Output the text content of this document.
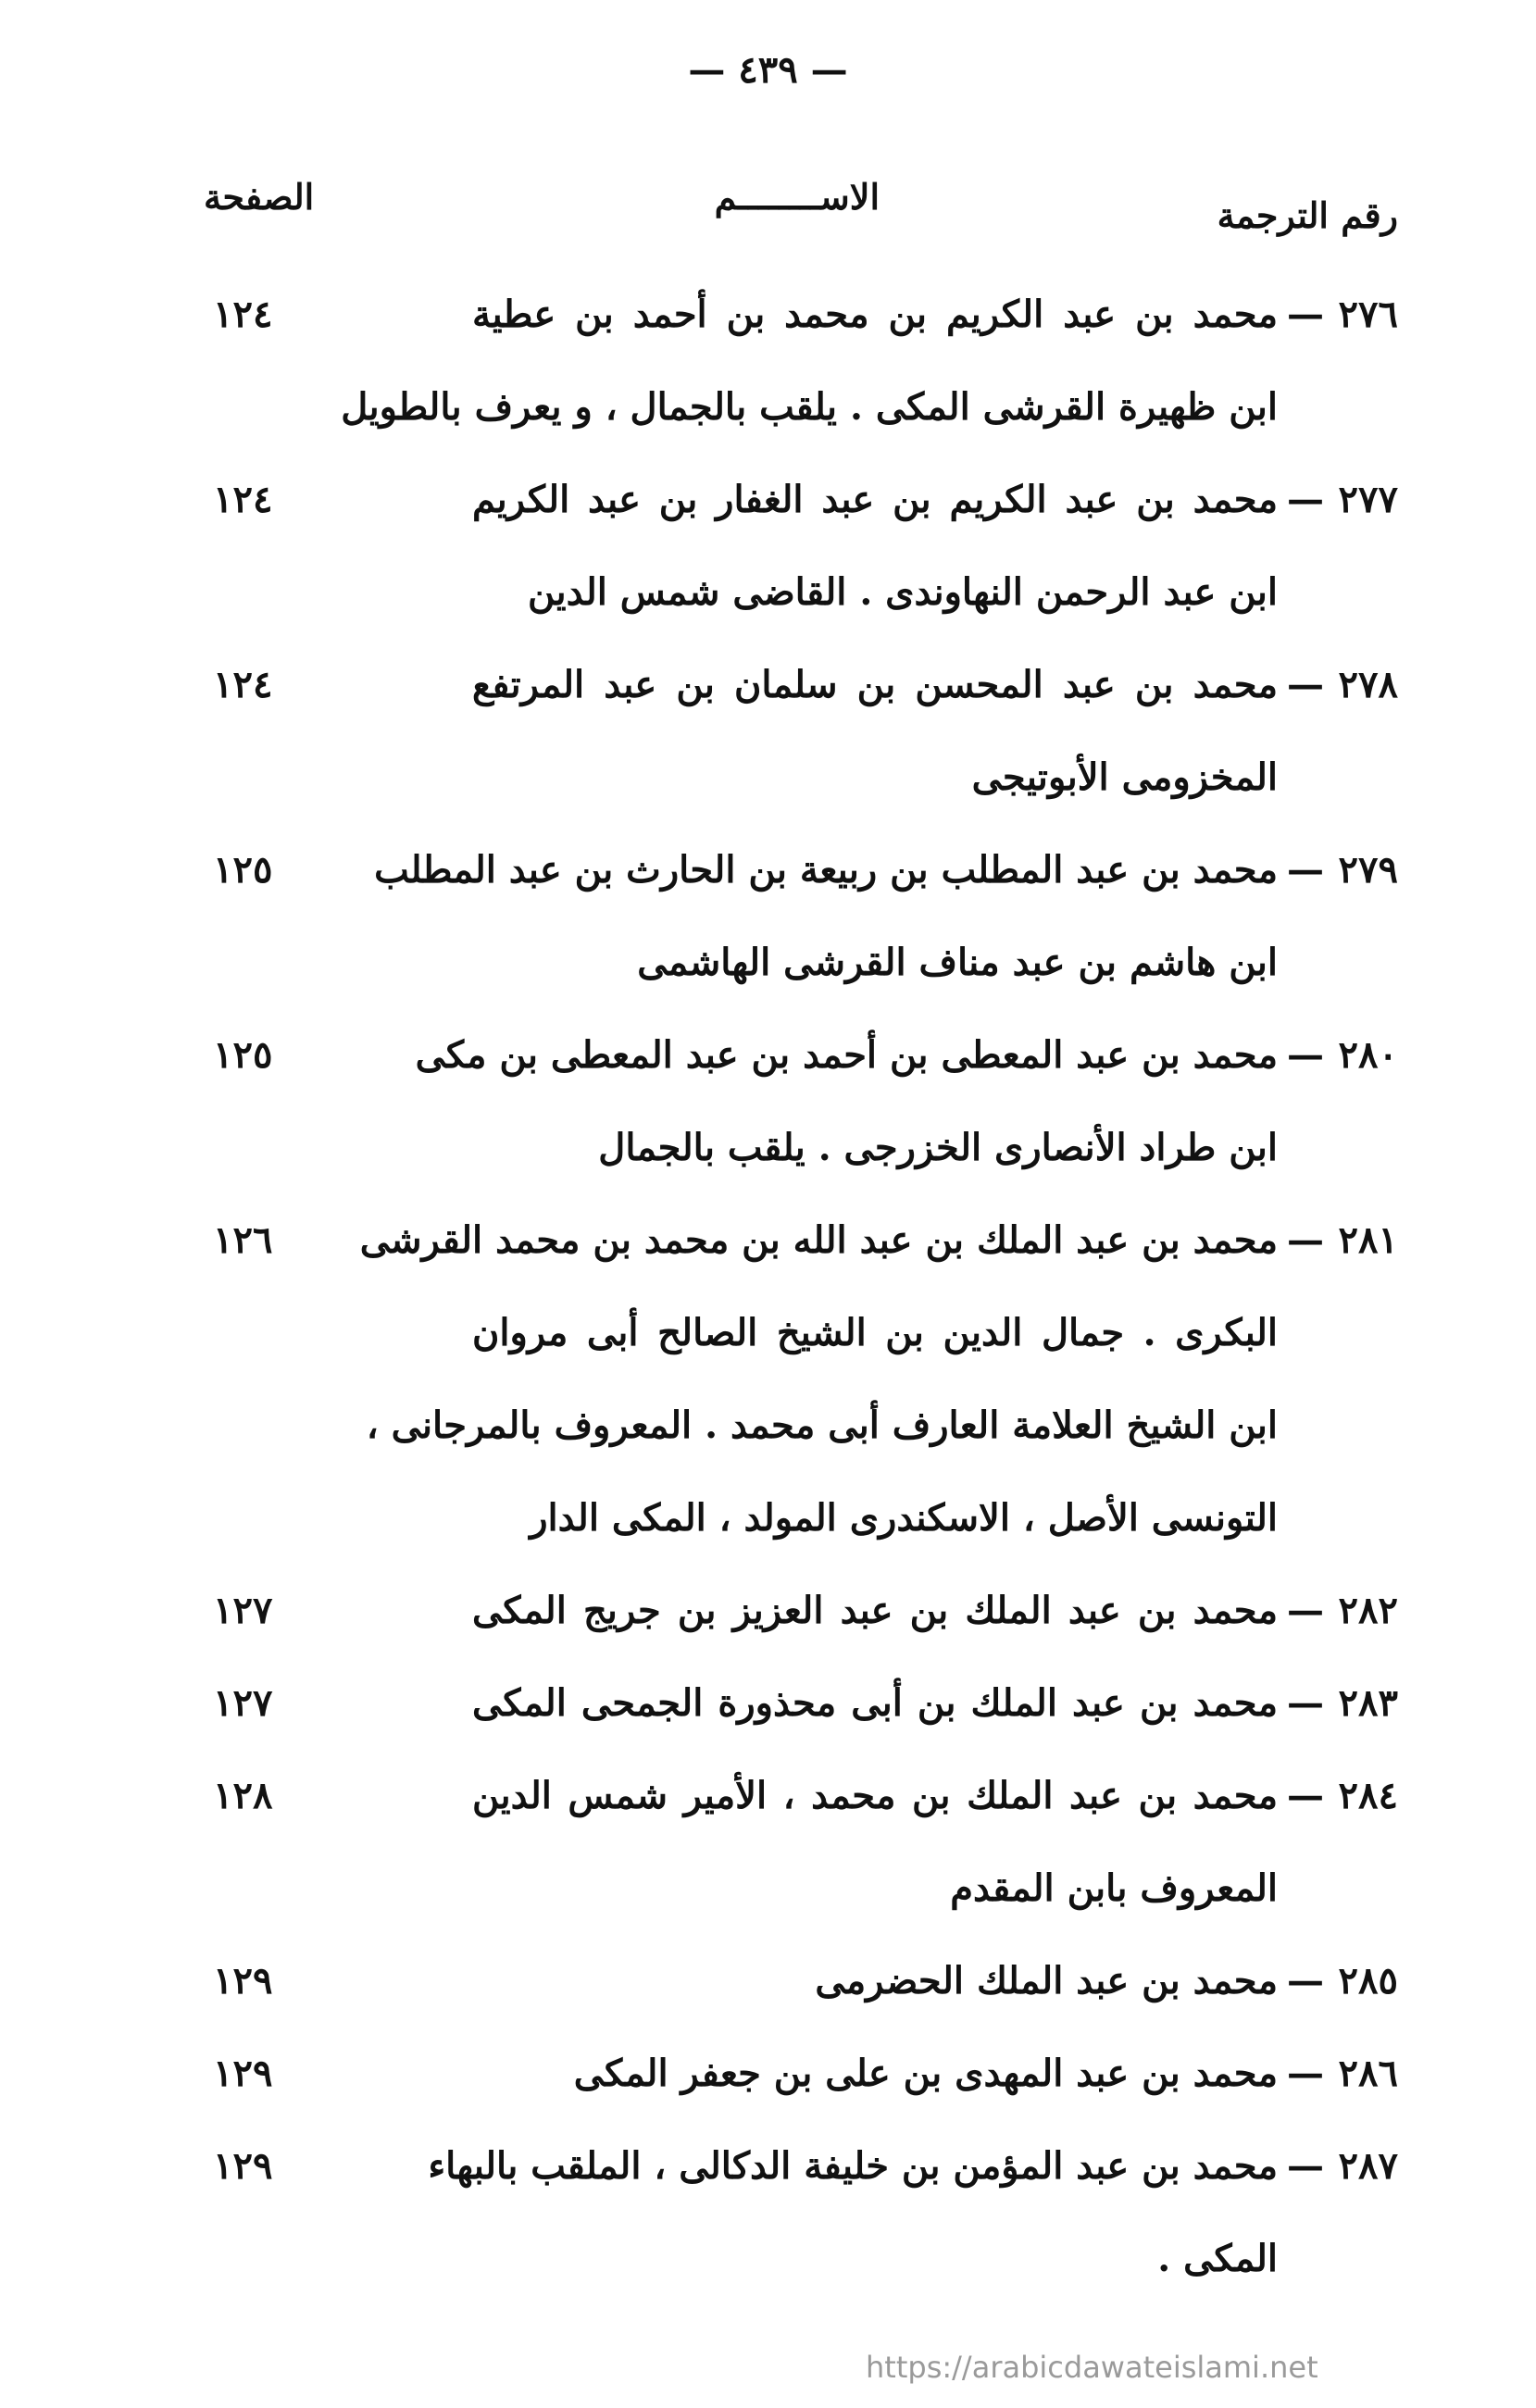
— ٤٣٩ —
رقم الترجمة
الاســــــــم
الصفحة
٢٧٦
—
محمد بن عبد الكريم بن محمد بن أحمد بن عطية
ابن ظهيرة القرشى المكى . يلقب بالجمال ، و يعرف بالطويل
١٢٤
٢٧٧
—
محمد بن عبد الكريم بن عبد الغفار بن عبد الكريم
ابن عبد الرحمن النهاوندى . القاضى شمس الدين
١٢٤
٢٧٨
—
محمد بن عبد المحسن بن سلمان بن عبد المرتفع
المخزومى الأبوتيجى
١٢٤
٢٧٩
—
محمد بن عبد المطلب بن ربيعة بن الحارث بن عبد المطلب
ابن هاشم بن عبد مناف القرشى الهاشمى
١٢٥
٢٨٠
—
محمد بن عبد المعطى بن أحمد بن عبد المعطى بن مكى
ابن طراد الأنصارى الخزرجى . يلقب بالجمال
١٢٥
٢٨١
—
محمد بن عبد الملك بن عبد الله بن محمد بن محمد القرشى
البكرى . جمال الدين بن الشيخ الصالح أبى مروان
ابن الشيخ العلامة العارف أبى محمد . المعروف بالمرجانى ،
التونسى الأصل ، الاسكندرى المولد ، المكى الدار
١٢٦
٢٨٢
—
محمد بن عبد الملك بن عبد العزيز بن جريج المكى
١٢٧
٢٨٣
—
محمد بن عبد الملك بن أبى محذورة الجمحى المكى
١٢٧
٢٨٤
—
محمد بن عبد الملك بن محمد ، الأمير شمس الدين
المعروف بابن المقدم
١٢٨
٢٨٥
—
محمد بن عبد الملك الحضرمى
١٢٩
٢٨٦
—
محمد بن عبد المهدى بن على بن جعفر المكى
١٢٩
٢٨٧
—
محمد بن عبد المؤمن بن خليفة الدكالى ، الملقب بالبهاء
المكى .
١٢٩
https://arabicdawateislami.net
